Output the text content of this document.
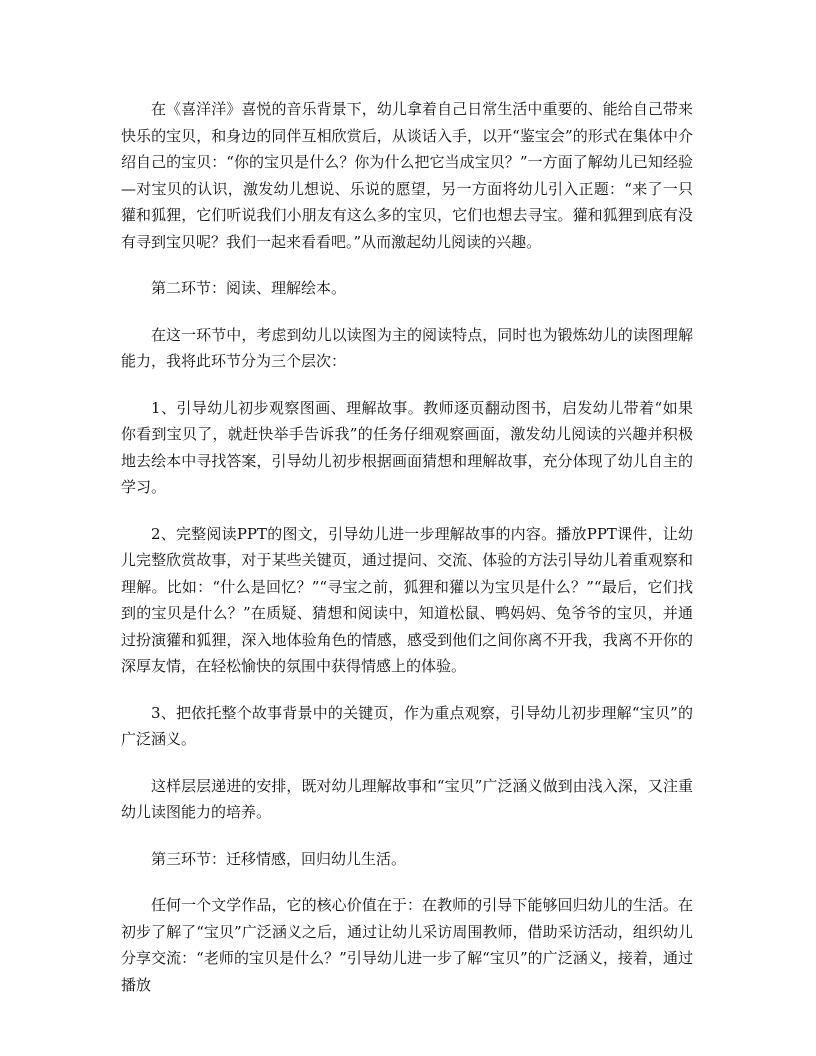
在《喜洋洋》喜悦的音乐背景下，幼儿拿着自己日常生活中重要的、能给自己带来快乐的宝贝，和身边的同伴互相欣赏后，从谈话入手，以开“鉴宝会”的形式在集体中介绍自己的宝贝：“你的宝贝是什么？你为什么把它当成宝贝？”一方面了解幼儿已知经验—对宝贝的认识，激发幼儿想说、乐说的愿望，另一方面将幼儿引入正题：“来了一只獾和狐狸，它们听说我们小朋友有这么多的宝贝，它们也想去寻宝。獾和狐狸到底有没有寻到宝贝呢？我们一起来看看吧。”从而激起幼儿阅读的兴趣。

第二环节：阅读、理解绘本。

在这一环节中，考虑到幼儿以读图为主的阅读特点，同时也为锻炼幼儿的读图理解能力，我将此环节分为三个层次：

1、引导幼儿初步观察图画、理解故事。教师逐页翻动图书，启发幼儿带着“如果你看到宝贝了，就赶快举手告诉我”的任务仔细观察画面，激发幼儿阅读的兴趣并积极地去绘本中寻找答案，引导幼儿初步根据画面猜想和理解故事，充分体现了幼儿自主的学习。

2、完整阅读PPT的图文，引导幼儿进一步理解故事的内容。播放PPT课件，让幼儿完整欣赏故事，对于某些关键页，通过提问、交流、体验的方法引导幼儿着重观察和理解。比如：“什么是回忆？”“寻宝之前，狐狸和獾以为宝贝是什么？”“最后，它们找到的宝贝是什么？”在质疑、猜想和阅读中，知道松鼠、鸭妈妈、兔爷爷的宝贝，并通过扮演獾和狐狸，深入地体验角色的情感，感受到他们之间你离不开我，我离不开你的深厚友情，在轻松愉快的氛围中获得情感上的体验。

3、把依托整个故事背景中的关键页，作为重点观察，引导幼儿初步理解“宝贝”的广泛涵义。

这样层层递进的安排，既对幼儿理解故事和“宝贝”广泛涵义做到由浅入深，又注重幼儿读图能力的培养。

第三环节：迁移情感，回归幼儿生活。

任何一个文学作品，它的核心价值在于：在教师的引导下能够回归幼儿的生活。在初步了解了“宝贝”广泛涵义之后，通过让幼儿采访周围教师，借助采访活动，组织幼儿分享交流：“老师的宝贝是什么？”引导幼儿进一步了解“宝贝”的广泛涵义，接着，通过播放
